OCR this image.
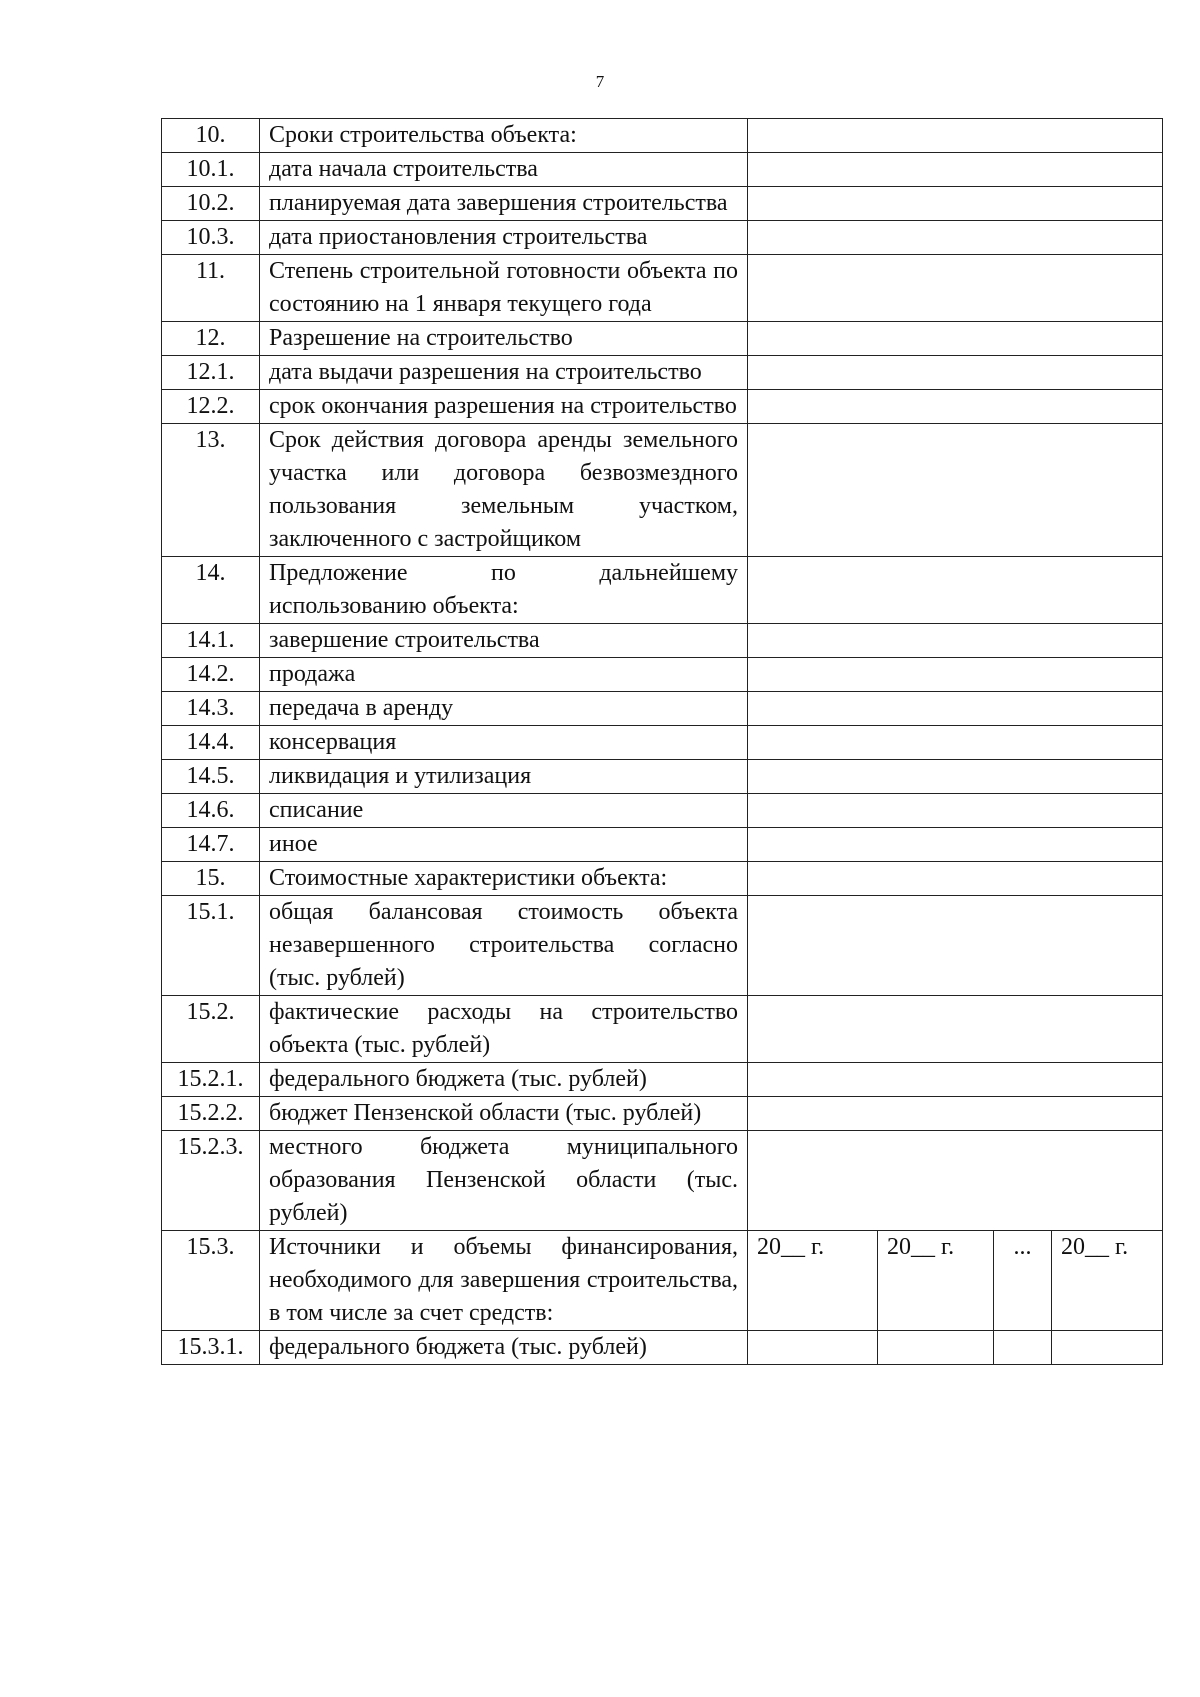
7
10.	Сроки строительства объекта:				
10.1.	дата начала строительства				
10.2.	планируемая дата завершения строительства				
10.3.	дата приостановления строительства				
11.	Степень строительной готовности объекта по состоянию на 1 января текущего года				
12.	Разрешение на строительство				
12.1.	дата выдачи разрешения на строительство				
12.2.	срок окончания разрешения на строительство				
13.	Срок действия договора аренды земельного участка или договора безвозмездного пользования земельным участком, заключенного с застройщиком				
14.	Предложение по дальнейшему использованию объекта:				
14.1.	завершение строительства				
14.2.	продажа				
14.3.	передача в аренду				
14.4.	консервация				
14.5.	ликвидация и утилизация				
14.6.	списание				
14.7.	иное				
15.	Стоимостные характеристики объекта:				
15.1.	общая балансовая стоимость объекта незавершенного строительства согласно (тыс. рублей)				
15.2.	фактические расходы на строительство объекта (тыс. рублей)				
15.2.1.	федерального бюджета (тыс. рублей)				
15.2.2.	бюджет Пензенской области (тыс. рублей)				
15.2.3.	местного бюджета муниципального образования Пензенской области (тыс. рублей)				
15.3.	Источники и объемы финансирования, необходимого для завершения строительства, в том числе за счет средств:	20__ г.	20__ г.	...	20__ г.
15.3.1.	федерального бюджета (тыс. рублей)				
